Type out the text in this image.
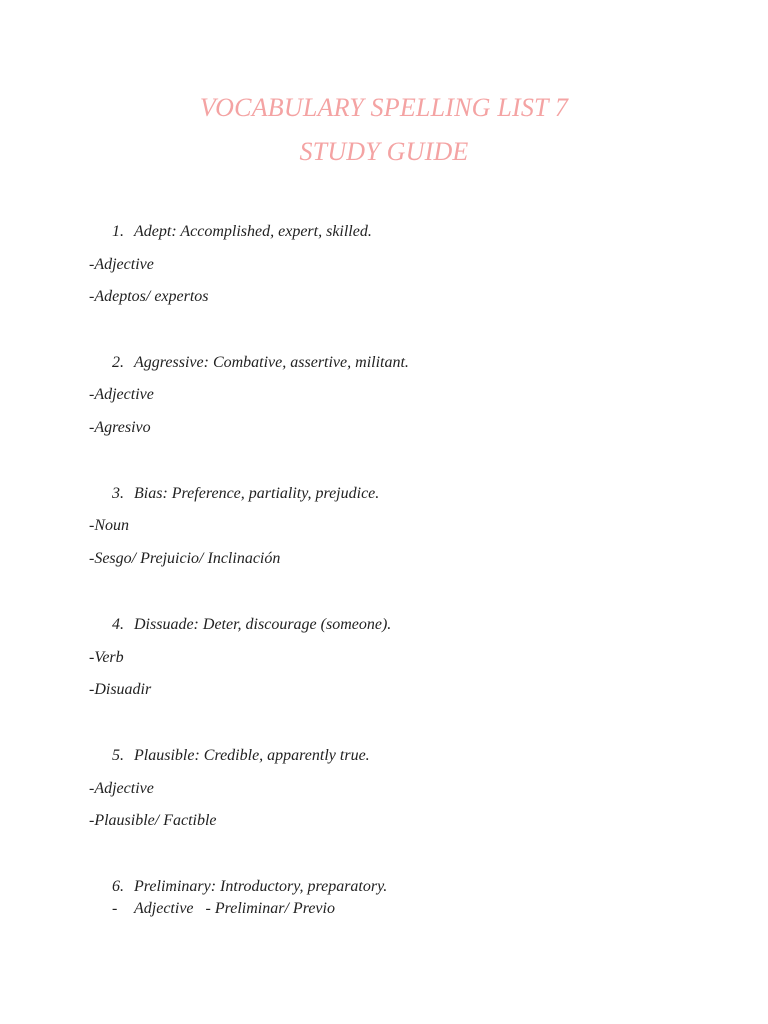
VOCABULARY SPELLING LIST 7
STUDY GUIDE
1. Adept: Accomplished, expert, skilled.
-Adjective
-Adeptos/ expertos
2. Aggressive: Combative, assertive, militant.
-Adjective
-Agresivo
3. Bias: Preference, partiality, prejudice.
-Noun
-Sesgo/ Prejuicio/ Inclinación
4. Dissuade: Deter, discourage (someone).
-Verb
-Disuadir
5. Plausible: Credible, apparently true.
-Adjective
-Plausible/ Factible
6. Preliminary: Introductory, preparatory.
- Adjective - Preliminar/ Previo
